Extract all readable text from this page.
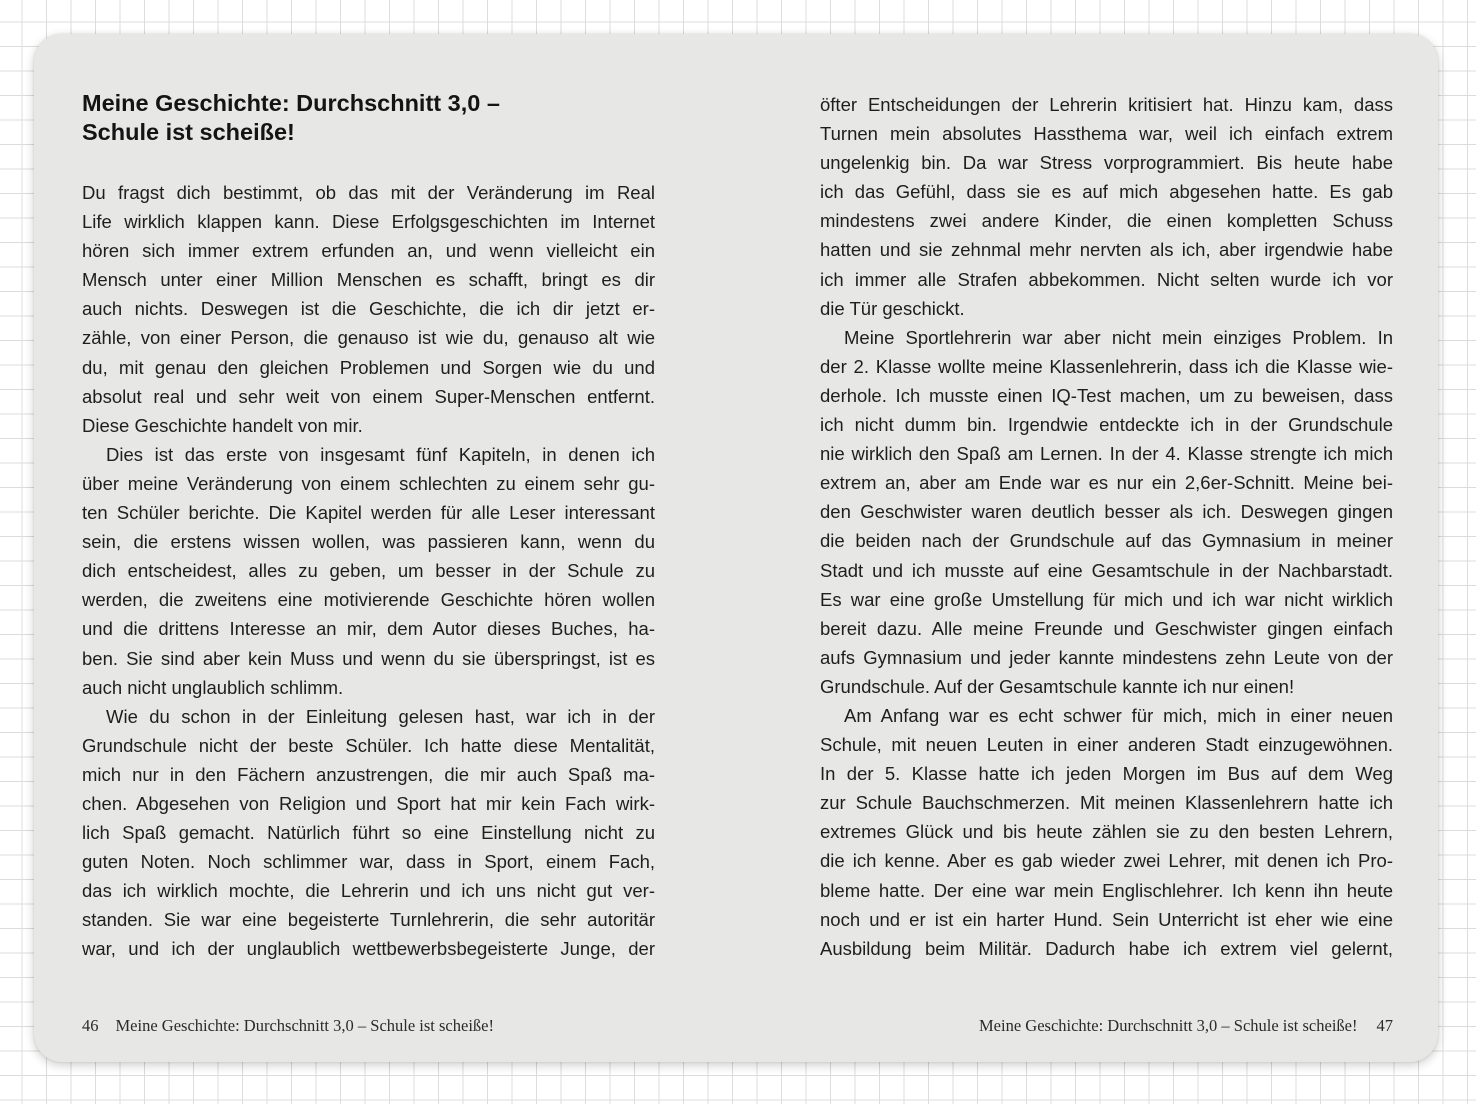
Meine Geschichte: Durchschnitt 3,0 –
Schule ist scheiße!
Du fragst dich bestimmt, ob das mit der Veränderung im Real
Life wirklich klappen kann. Diese Erfolgsgeschichten im Internet
hören sich immer extrem erfunden an, und wenn vielleicht ein
Mensch unter einer Million Menschen es schafft, bringt es dir
auch nichts. Deswegen ist die Geschichte, die ich dir jetzt er-
zähle, von einer Person, die genauso ist wie du, genauso alt wie
du, mit genau den gleichen Problemen und Sorgen wie du und
absolut real und sehr weit von einem Super-Menschen entfernt.
Diese Geschichte handelt von mir.
Dies ist das erste von insgesamt fünf Kapiteln, in denen ich
über meine Veränderung von einem schlechten zu einem sehr gu-
ten Schüler berichte. Die Kapitel werden für alle Leser interessant
sein, die erstens wissen wollen, was passieren kann, wenn du
dich entscheidest, alles zu geben, um besser in der Schule zu
werden, die zweitens eine motivierende Geschichte hören wollen
und die drittens Interesse an mir, dem Autor dieses Buches, ha-
ben. Sie sind aber kein Muss und wenn du sie überspringst, ist es
auch nicht unglaublich schlimm.
Wie du schon in der Einleitung gelesen hast, war ich in der
Grundschule nicht der beste Schüler. Ich hatte diese Mentalität,
mich nur in den Fächern anzustrengen, die mir auch Spaß ma-
chen. Abgesehen von Religion und Sport hat mir kein Fach wirk-
lich Spaß gemacht. Natürlich führt so eine Einstellung nicht zu
guten Noten. Noch schlimmer war, dass in Sport, einem Fach,
das ich wirklich mochte, die Lehrerin und ich uns nicht gut ver-
standen. Sie war eine begeisterte Turnlehrerin, die sehr autoritär
war, und ich der unglaublich wettbewerbsbegeisterte Junge, der
öfter Entscheidungen der Lehrerin kritisiert hat. Hinzu kam, dass
Turnen mein absolutes Hassthema war, weil ich einfach extrem
ungelenkig bin. Da war Stress vorprogrammiert. Bis heute habe
ich das Gefühl, dass sie es auf mich abgesehen hatte. Es gab
mindestens zwei andere Kinder, die einen kompletten Schuss
hatten und sie zehnmal mehr nervten als ich, aber irgendwie habe
ich immer alle Strafen abbekommen. Nicht selten wurde ich vor
die Tür geschickt.
Meine Sportlehrerin war aber nicht mein einziges Problem. In
der 2. Klasse wollte meine Klassenlehrerin, dass ich die Klasse wie-
derhole. Ich musste einen IQ-Test machen, um zu beweisen, dass
ich nicht dumm bin. Irgendwie entdeckte ich in der Grundschule
nie wirklich den Spaß am Lernen. In der 4. Klasse strengte ich mich
extrem an, aber am Ende war es nur ein 2,6er-Schnitt. Meine bei-
den Geschwister waren deutlich besser als ich. Deswegen gingen
die beiden nach der Grundschule auf das Gymnasium in meiner
Stadt und ich musste auf eine Gesamtschule in der Nachbarstadt.
Es war eine große Umstellung für mich und ich war nicht wirklich
bereit dazu. Alle meine Freunde und Geschwister gingen einfach
aufs Gymnasium und jeder kannte mindestens zehn Leute von der
Grundschule. Auf der Gesamtschule kannte ich nur einen!
Am Anfang war es echt schwer für mich, mich in einer neuen
Schule, mit neuen Leuten in einer anderen Stadt einzugewöhnen.
In der 5. Klasse hatte ich jeden Morgen im Bus auf dem Weg
zur Schule Bauchschmerzen. Mit meinen Klassenlehrern hatte ich
extremes Glück und bis heute zählen sie zu den besten Lehrern,
die ich kenne. Aber es gab wieder zwei Lehrer, mit denen ich Pro-
bleme hatte. Der eine war mein Englischlehrer. Ich kenn ihn heute
noch und er ist ein harter Hund. Sein Unterricht ist eher wie eine
Ausbildung beim Militär. Dadurch habe ich extrem viel gelernt,
46 Meine Geschichte: Durchschnitt 3,0 – Schule ist scheiße!	Meine Geschichte: Durchschnitt 3,0 – Schule ist scheiße! 47
